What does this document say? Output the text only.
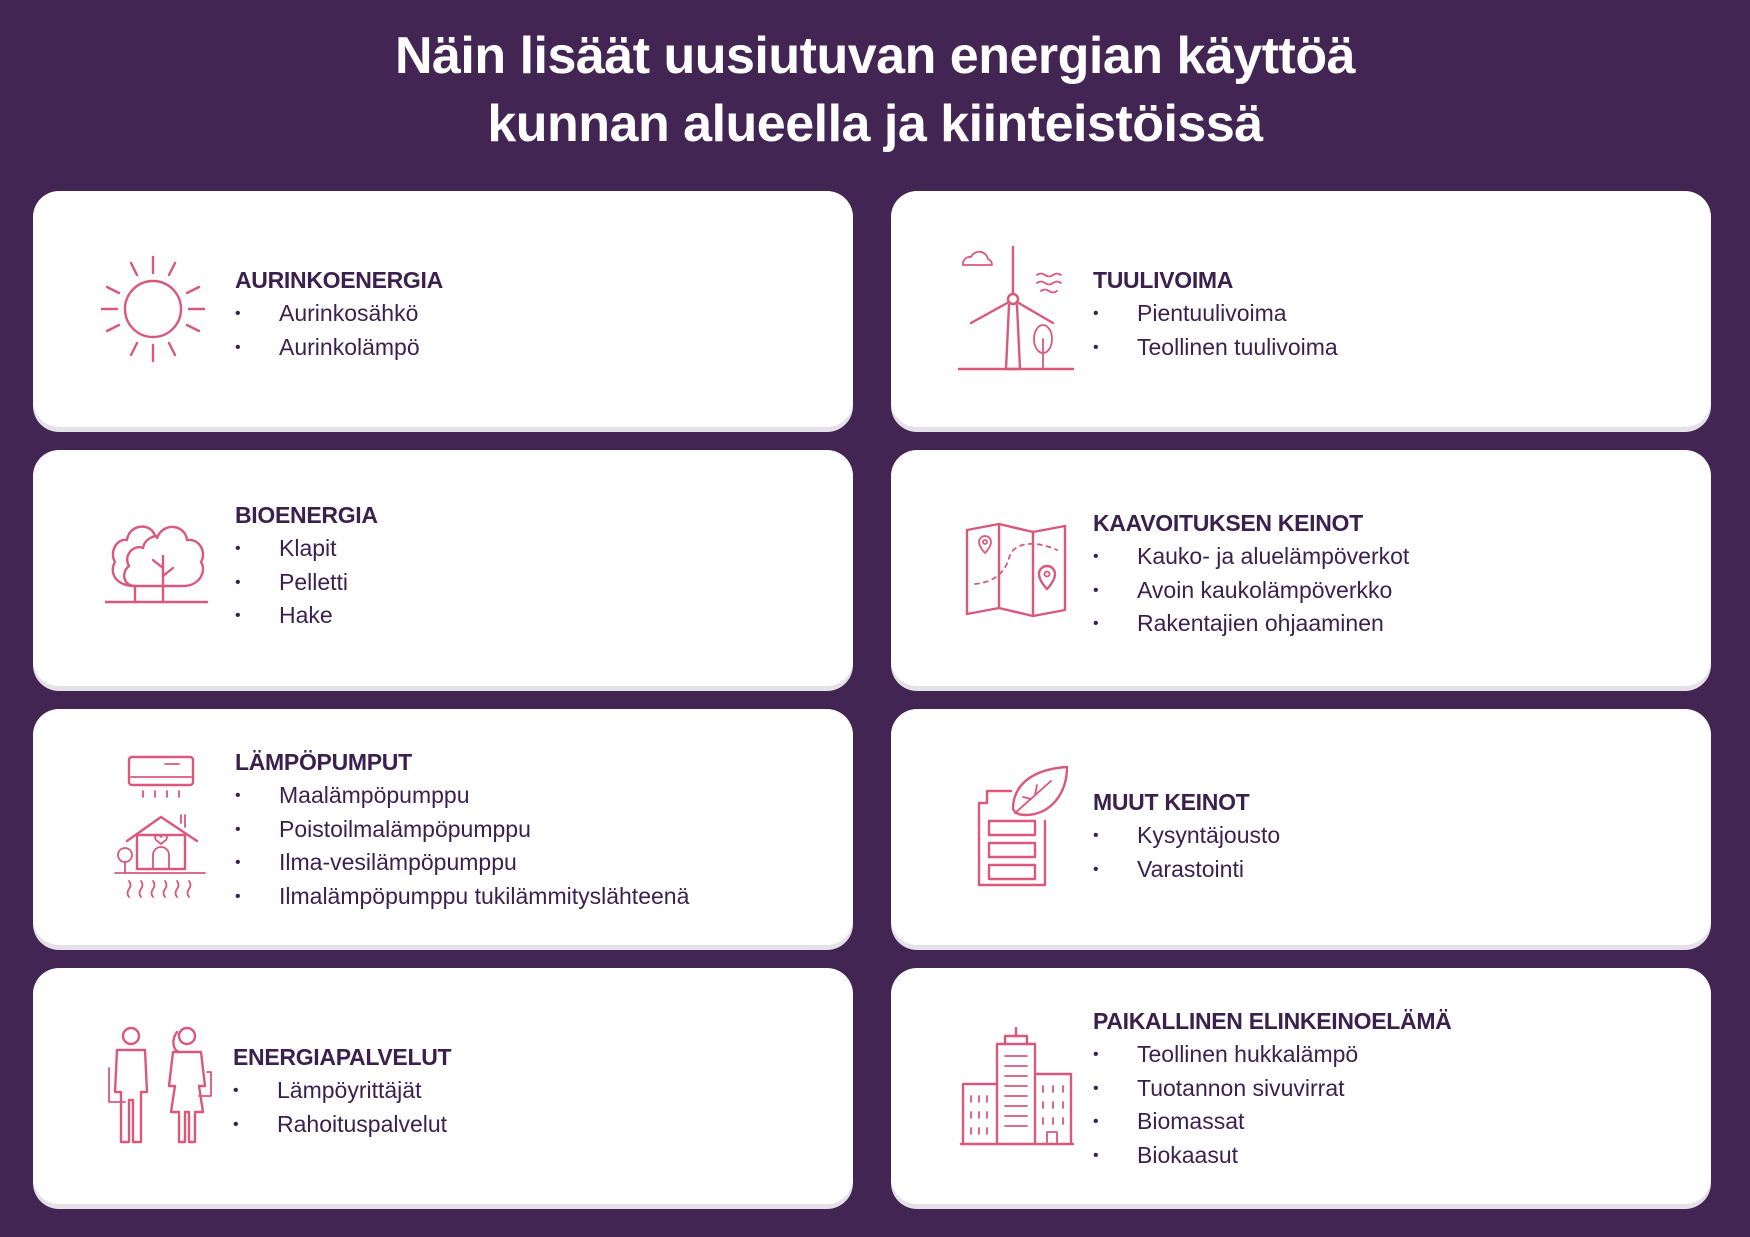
Näin lisäät uusiutuvan energian käyttöä
kunnan alueella ja kiinteistöissä
AURINKOENERGIA
• Aurinkosähkö
• Aurinkolämpö
TUULIVOIMA
• Pientuulivoima
• Teollinen tuulivoima
BIOENERGIA
• Klapit
• Pelletti
• Hake
KAAVOITUKSEN KEINOT
• Kauko- ja aluelämpöverkot
• Avoin kaukolämpöverkko
• Rakentajien ohjaaminen
LÄMPÖPUMPUT
• Maalämpöpumppu
• Poistoilmalämpöpumppu
• Ilma-vesilämpöpumppu
• Ilmalämpöpumppu tukilämmityslähteenä
MUUT KEINOT
• Kysyntäjousto
• Varastointi
ENERGIAPALVELUT
• Lämpöyrittäjät
• Rahoituspalvelut
PAIKALLINEN ELINKEINOELÄMÄ
• Teollinen hukkalämpö
• Tuotannon sivuvirrat
• Biomassat
• Biokaasut
